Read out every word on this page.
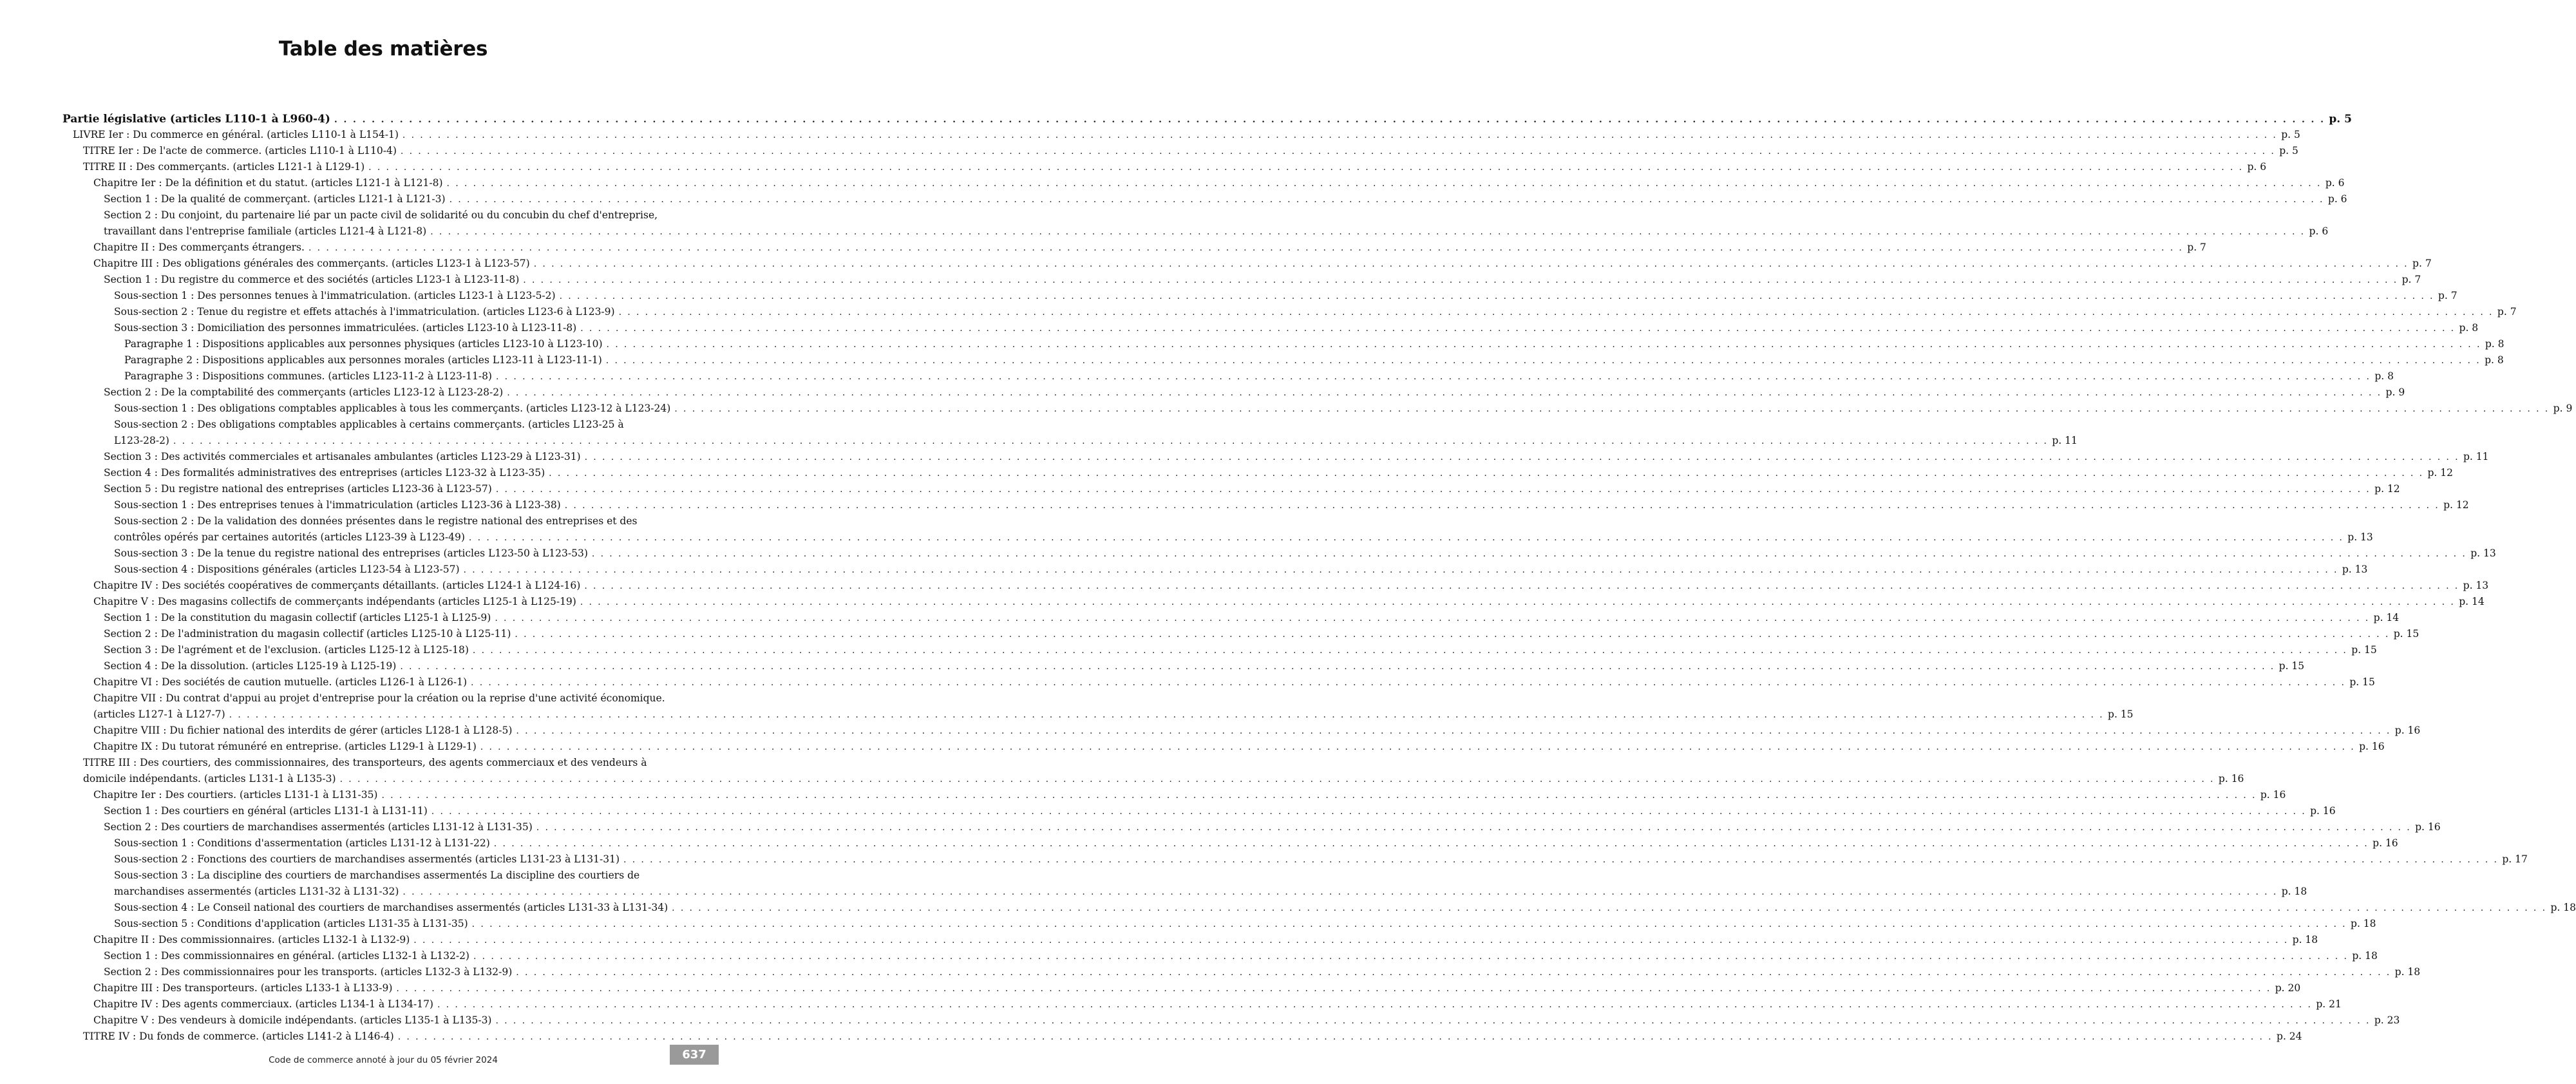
Table des matières
Partie législative (articles L110-1 à L960-4) . . .	p. 5
LIVRE Ier : Du commerce en général. (articles L110-1 à L154-1) . . .	p. 5
TITRE Ier : De l'acte de commerce. (articles L110-1 à L110-4) . . .	p. 5
TITRE II : Des commerçants. (articles L121-1 à L129-1) . . .	p. 6
Chapitre Ier : De la définition et du statut. (articles L121-1 à L121-8) . . .	p. 6
Section 1 : De la qualité de commerçant. (articles L121-1 à L121-3) . . .	p. 6
Section 2 : Du conjoint, du partenaire lié par un pacte civil de solidarité ou du concubin du chef d'entreprise,
travaillant dans l'entreprise familiale (articles L121-4 à L121-8) . . .	p. 6
Chapitre II : Des commerçants étrangers. . . .	p. 7
Chapitre III : Des obligations générales des commerçants. (articles L123-1 à L123-57) . . .	p. 7
Section 1 : Du registre du commerce et des sociétés (articles L123-1 à L123-11-8) . . .	p. 7
Sous-section 1 : Des personnes tenues à l'immatriculation. (articles L123-1 à L123-5-2) . . .	p. 7
Sous-section 2 : Tenue du registre et effets attachés à l'immatriculation. (articles L123-6 à L123-9) . . .	p. 7
Sous-section 3 : Domiciliation des personnes immatriculées. (articles L123-10 à L123-11-8) . . .	p. 8
Paragraphe 1 : Dispositions applicables aux personnes physiques (articles L123-10 à L123-10) . . .	p. 8
Paragraphe 2 : Dispositions applicables aux personnes morales (articles L123-11 à L123-11-1) . . .	p. 8
Paragraphe 3 : Dispositions communes. (articles L123-11-2 à L123-11-8) . . .	p. 8
Section 2 : De la comptabilité des commerçants (articles L123-12 à L123-28-2) . . .	p. 9
Sous-section 1 : Des obligations comptables applicables à tous les commerçants. (articles L123-12 à L123-24) . . .	p. 9
Sous-section 2 : Des obligations comptables applicables à certains commerçants. (articles L123-25 à
L123-28-2) . . .	p. 11
Section 3 : Des activités commerciales et artisanales ambulantes (articles L123-29 à L123-31) . . .	p. 11
Section 4 : Des formalités administratives des entreprises (articles L123-32 à L123-35) . . .	p. 12
Section 5 : Du registre national des entreprises (articles L123-36 à L123-57) . . .	p. 12
Sous-section 1 : Des entreprises tenues à l'immatriculation (articles L123-36 à L123-38) . . .	p. 12
Sous-section 2 : De la validation des données présentes dans le registre national des entreprises et des
contrôles opérés par certaines autorités (articles L123-39 à L123-49) . . .	p. 13
Sous-section 3 : De la tenue du registre national des entreprises (articles L123-50 à L123-53) . . .	p. 13
Sous-section 4 : Dispositions générales (articles L123-54 à L123-57) . . .	p. 13
Chapitre IV : Des sociétés coopératives de commerçants détaillants. (articles L124-1 à L124-16) . . .	p. 13
Chapitre V : Des magasins collectifs de commerçants indépendants (articles L125-1 à L125-19) . . .	p. 14
Section 1 : De la constitution du magasin collectif (articles L125-1 à L125-9) . . .	p. 14
Section 2 : De l'administration du magasin collectif (articles L125-10 à L125-11) . . .	p. 15
Section 3 : De l'agrément et de l'exclusion. (articles L125-12 à L125-18) . . .	p. 15
Section 4 : De la dissolution. (articles L125-19 à L125-19) . . .	p. 15
Chapitre VI : Des sociétés de caution mutuelle. (articles L126-1 à L126-1) . . .	p. 15
Chapitre VII : Du contrat d'appui au projet d'entreprise pour la création ou la reprise d'une activité économique.
(articles L127-1 à L127-7) . . .	p. 15
Chapitre VIII : Du fichier national des interdits de gérer (articles L128-1 à L128-5) . . .	p. 16
Chapitre IX : Du tutorat rémunéré en entreprise. (articles L129-1 à L129-1) . . .	p. 16
TITRE III : Des courtiers, des commissionnaires, des transporteurs, des agents commerciaux et des vendeurs à
domicile indépendants. (articles L131-1 à L135-3) . . .	p. 16
Chapitre Ier : Des courtiers. (articles L131-1 à L131-35) . . .	p. 16
Section 1 : Des courtiers en général (articles L131-1 à L131-11) . . .	p. 16
Section 2 : Des courtiers de marchandises assermentés (articles L131-12 à L131-35) . . .	p. 16
Sous-section 1 : Conditions d'assermentation (articles L131-12 à L131-22) . . .	p. 16
Sous-section 2 : Fonctions des courtiers de marchandises assermentés (articles L131-23 à L131-31) . . .	p. 17
Sous-section 3 : La discipline des courtiers de marchandises assermentés La discipline des courtiers de
marchandises assermentés (articles L131-32 à L131-32) . . .	p. 18
Sous-section 4 : Le Conseil national des courtiers de marchandises assermentés (articles L131-33 à L131-34) . . .	p. 18
Sous-section 5 : Conditions d'application (articles L131-35 à L131-35) . . .	p. 18
Chapitre II : Des commissionnaires. (articles L132-1 à L132-9) . . .	p. 18
Section 1 : Des commissionnaires en général. (articles L132-1 à L132-2) . . .	p. 18
Section 2 : Des commissionnaires pour les transports. (articles L132-3 à L132-9) . . .	p. 18
Chapitre III : Des transporteurs. (articles L133-1 à L133-9) . . .	p. 20
Chapitre IV : Des agents commerciaux. (articles L134-1 à L134-17) . . .	p. 21
Chapitre V : Des vendeurs à domicile indépendants. (articles L135-1 à L135-3) . . .	p. 23
TITRE IV : Du fonds de commerce. (articles L141-2 à L146-4) . . .	p. 24
Code de commerce annoté à jour du 05 février 2024	637
